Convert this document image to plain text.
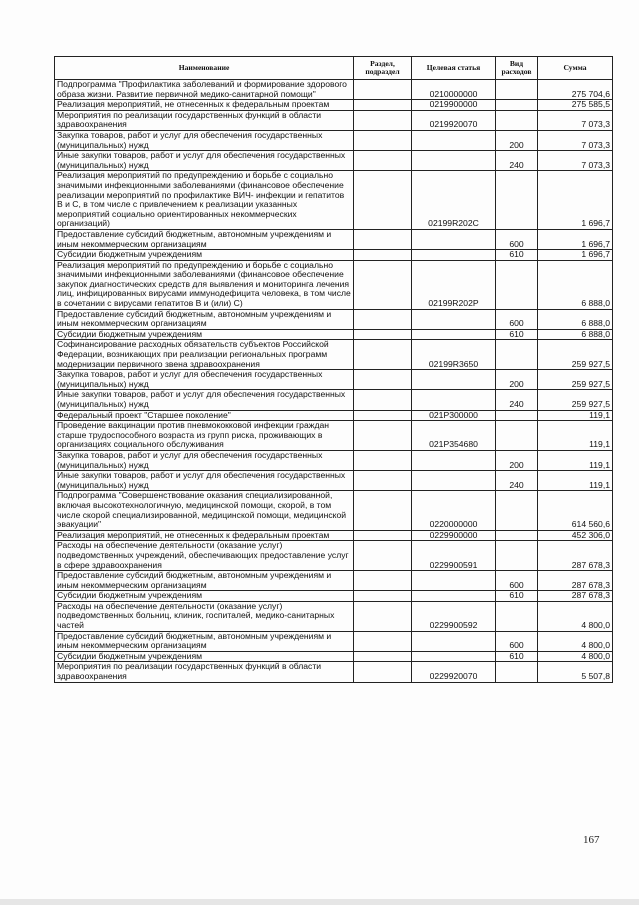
Наименование	Раздел, подраздел	Целевая статья	Вид расходов	Сумма
Подпрограмма "Профилактика заболеваний и формирование здорового образа жизни. Развитие первичной медико-санитарной помощи"		0210000000		275 704,6
Реализация мероприятий, не отнесенных к федеральным проектам		0219900000		275 585,5
Мероприятия по реализации государственных функций в области здравоохранения		0219920070		7 073,3
Закупка товаров, работ и услуг для обеспечения государственных (муниципальных) нужд			200	7 073,3
Иные закупки товаров, работ и услуг для обеспечения государственных (муниципальных) нужд			240	7 073,3
Реализация мероприятий по предупреждению и борьбе с социально значимыми инфекционными заболеваниями (финансовое обеспечение реализации мероприятий по профилактике ВИЧ- инфекции и гепатитов В и С, в том числе с привлечением к реализации указанных мероприятий социально ориентированных некоммерческих организаций)		02199R202C		1 696,7
Предоставление субсидий бюджетным, автономным учреждениям и иным некоммерческим организациям			600	1 696,7
Субсидии бюджетным учреждениям			610	1 696,7
Реализация мероприятий по предупреждению и борьбе с социально значимыми инфекционными заболеваниями (финансовое обеспечение закупок диагностических средств для выявления и мониторинга лечения лиц, инфицированных вирусами иммунодефицита человека, в том числе в сочетании с вирусами гепатитов В и (или) С)		02199R202P		6 888,0
Предоставление субсидий бюджетным, автономным учреждениям и иным некоммерческим организациям			600	6 888,0
Субсидии бюджетным учреждениям			610	6 888,0
Софинансирование расходных обязательств субъектов Российской Федерации, возникающих при реализации региональных программ модернизации первичного звена здравоохранения		02199R3650		259 927,5
Закупка товаров, работ и услуг для обеспечения государственных (муниципальных) нужд			200	259 927,5
Иные закупки товаров, работ и услуг для обеспечения государственных (муниципальных) нужд			240	259 927,5
Федеральный проект "Старшее поколение"		021P300000		119,1
Проведение вакцинации против пневмококковой инфекции граждан старше трудоспособного возраста из групп риска, проживающих в организациях социального обслуживания		021P354680		119,1
Закупка товаров, работ и услуг для обеспечения государственных (муниципальных) нужд			200	119,1
Иные закупки товаров, работ и услуг для обеспечения государственных (муниципальных) нужд			240	119,1
Подпрограмма "Совершенствование оказания специализированной, включая высокотехнологичную, медицинской помощи, скорой, в том числе скорой специализированной, медицинской помощи, медицинской эвакуации"		0220000000		614 560,6
Реализация мероприятий, не отнесенных к федеральным проектам		0229900000		452 306,0
Расходы на обеспечение деятельности (оказание услуг) подведомственных учреждений, обеспечивающих предоставление услуг в сфере здравоохранения		0229900591		287 678,3
Предоставление субсидий бюджетным, автономным учреждениям и иным некоммерческим организациям			600	287 678,3
Субсидии бюджетным учреждениям			610	287 678,3
Расходы на обеспечение деятельности (оказание услуг) подведомственных больниц, клиник, госпиталей, медико-санитарных частей		0229900592		4 800,0
Предоставление субсидий бюджетным, автономным учреждениям и иным некоммерческим организациям			600	4 800,0
Субсидии бюджетным учреждениям			610	4 800,0
Мероприятия по реализации государственных функций в области здравоохранения		0229920070		5 507,8
167
